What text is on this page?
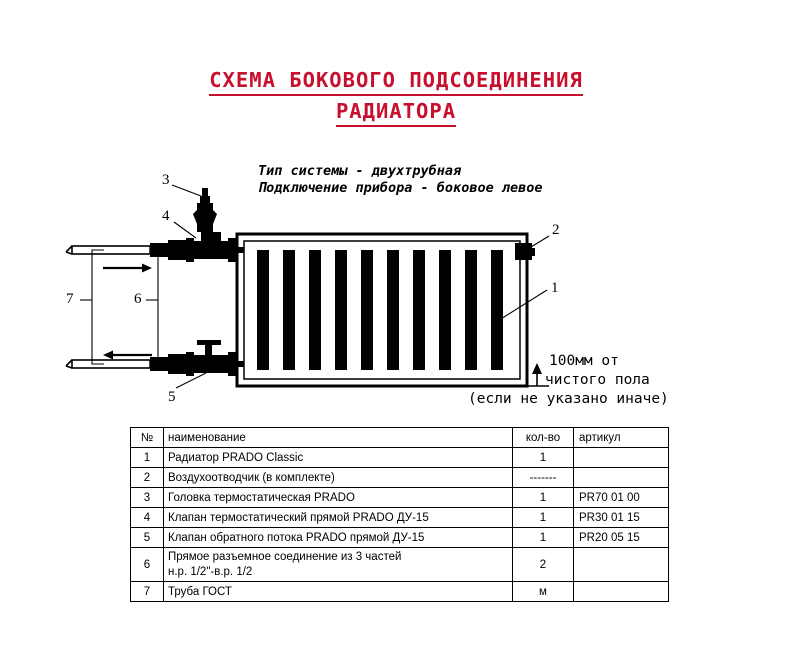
СХЕМА БОКОВОГО ПОДСОЕДИНЕНИЯ
РАДИАТОРА
Тип системы - двухтрубная
Подключение прибора - боковое левое
1
2
3
4
5
6
7
100мм от
чистого пола
(если не указано иначе)
№	наименование	кол-во	артикул
1	Радиатор PRADO Classic	1	
2	Воздухоотводчик (в комплекте)	-------	
3	Головка термостатическая PRADO	1	PR70 01 00
4	Клапан термостатический прямой PRADO ДУ-15	1	PR30 01 15
5	Клапан обратного потока PRADO прямой ДУ-15	1	PR20 05 15
6	Прямое разъемное соединение из 3 частей
н.р. 1/2"-в.р. 1/2	2	
7	Труба ГОСТ	м	
